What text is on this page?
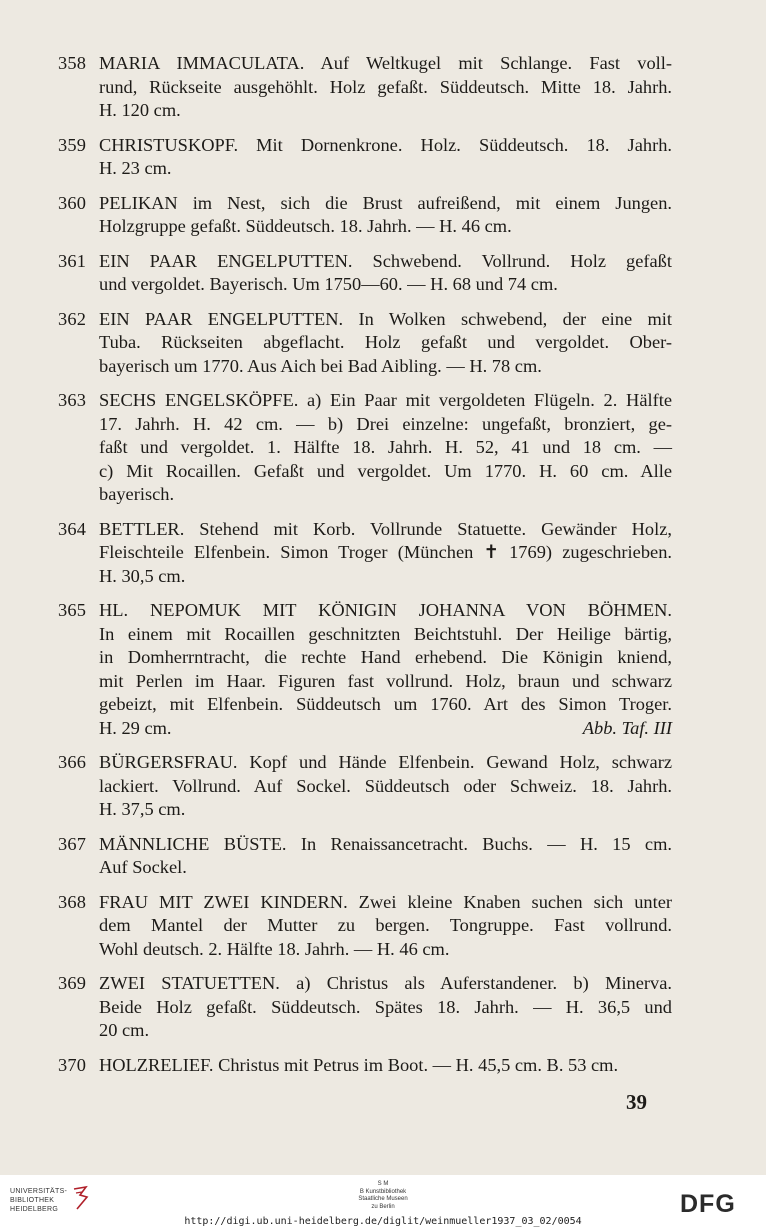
358 MARIA IMMACULATA. Auf Weltkugel mit Schlange. Fast voll-
rund, Rückseite ausgehöhlt. Holz gefaßt. Süddeutsch. Mitte 18. Jahrh.
H. 120 cm.
359 CHRISTUSKOPF. Mit Dornenkrone. Holz. Süddeutsch. 18. Jahrh.
H. 23 cm.
360 PELIKAN im Nest, sich die Brust aufreißend, mit einem Jungen.
Holzgruppe gefaßt. Süddeutsch. 18. Jahrh. — H. 46 cm.
361 EIN PAAR ENGELPUTTEN. Schwebend. Vollrund. Holz gefaßt
und vergoldet. Bayerisch. Um 1750—60. — H. 68 und 74 cm.
362 EIN PAAR ENGELPUTTEN. In Wolken schwebend, der eine mit
Tuba. Rückseiten abgeflacht. Holz gefaßt und vergoldet. Ober-
bayerisch um 1770. Aus Aich bei Bad Aibling. — H. 78 cm.
363 SECHS ENGELSKÖPFE. a) Ein Paar mit vergoldeten Flügeln. 2. Hälfte
17. Jahrh. H. 42 cm. — b) Drei einzelne: ungefaßt, bronziert, ge-
faßt und vergoldet. 1. Hälfte 18. Jahrh. H. 52, 41 und 18 cm. —
c) Mit Rocaillen. Gefaßt und vergoldet. Um 1770. H. 60 cm. Alle
bayerisch.
364 BETTLER. Stehend mit Korb. Vollrunde Statuette. Gewänder Holz,
Fleischteile Elfenbein. Simon Troger (München ✝ 1769) zugeschrieben.
H. 30,5 cm.
365 HL. NEPOMUK MIT KÖNIGIN JOHANNA VON BÖHMEN.
In einem mit Rocaillen geschnitzten Beichtstuhl. Der Heilige bärtig,
in Domherrntracht, die rechte Hand erhebend. Die Königin kniend,
mit Perlen im Haar. Figuren fast vollrund. Holz, braun und schwarz
gebeizt, mit Elfenbein. Süddeutsch um 1760. Art des Simon Troger.
H. 29 cm.	Abb. Taf. III
366 BÜRGERSFRAU. Kopf und Hände Elfenbein. Gewand Holz, schwarz
lackiert. Vollrund. Auf Sockel. Süddeutsch oder Schweiz. 18. Jahrh.
H. 37,5 cm.
367 MÄNNLICHE BÜSTE. In Renaissancetracht. Buchs. — H. 15 cm.
Auf Sockel.
368 FRAU MIT ZWEI KINDERN. Zwei kleine Knaben suchen sich unter
dem Mantel der Mutter zu bergen. Tongruppe. Fast vollrund.
Wohl deutsch. 2. Hälfte 18. Jahrh. — H. 46 cm.
369 ZWEI STATUETTEN. a) Christus als Auferstandener. b) Minerva.
Beide Holz gefaßt. Süddeutsch. Spätes 18. Jahrh. — H. 36,5 und
20 cm.
370 HOLZRELIEF. Christus mit Petrus im Boot. — H. 45,5 cm. B. 53 cm.
39
UNIVERSITÄTS-
BIBLIOTHEK
HEIDELBERG
S M
B Kunstbibliothek
Staatliche Museen
zu Berlin	DFG
http://digi.ub.uni-heidelberg.de/diglit/weinmueller1937_03_02/0054
